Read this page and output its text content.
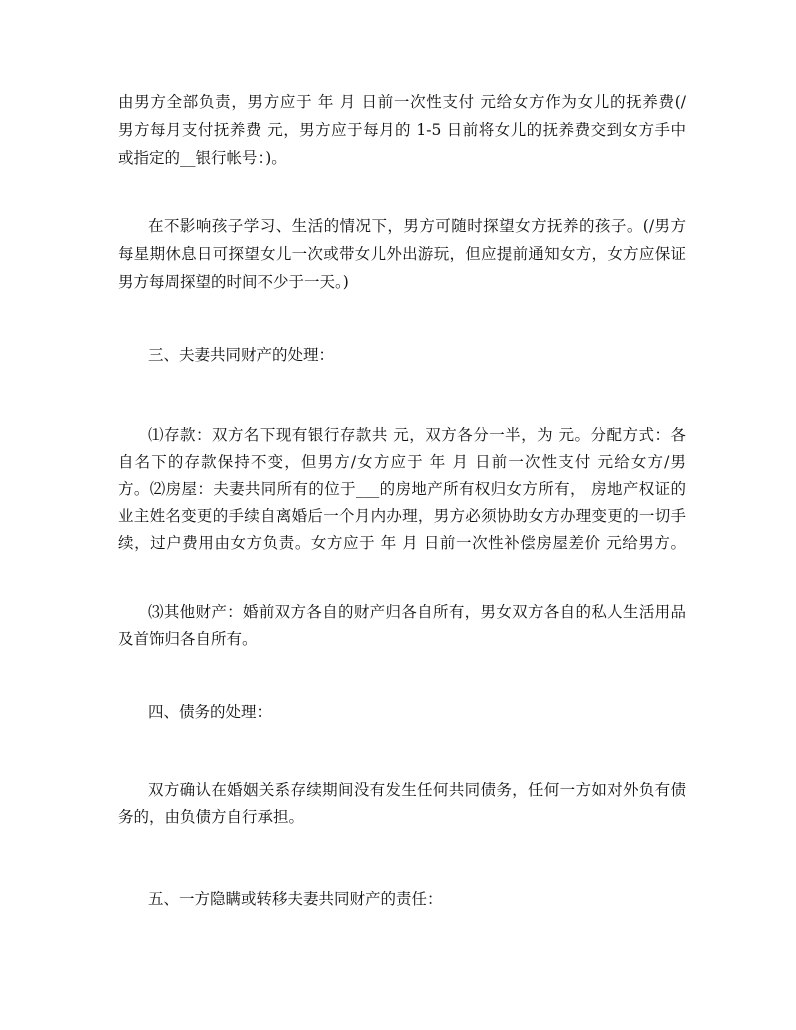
由男方全部负责，男方应于 年 月 日前一次性支付 元给女方作为女儿的抚养费(/
男方每月支付抚养费 元，男方应于每月的 1-5 日前将女儿的抚养费交到女方手中
或指定的__银行帐号：)。
在不影响孩子学习、生活的情况下，男方可随时探望女方抚养的孩子。(/男方
每星期休息日可探望女儿一次或带女儿外出游玩，但应提前通知女方，女方应保证
男方每周探望的时间不少于一天。)
三、夫妻共同财产的处理：
⑴存款：双方名下现有银行存款共 元，双方各分一半，为 元。分配方式：各
自名下的存款保持不变，但男方/女方应于 年 月 日前一次性支付 元给女方/男
方。⑵房屋：夫妻共同所有的位于___的房地产所有权归女方所有， 房地产权证的
业主姓名变更的手续自离婚后一个月内办理，男方必须协助女方办理变更的一切手
续，过户费用由女方负责。女方应于 年 月 日前一次性补偿房屋差价 元给男方。
⑶其他财产：婚前双方各自的财产归各自所有，男女双方各自的私人生活用品
及首饰归各自所有。
四、债务的处理：
双方确认在婚姻关系存续期间没有发生任何共同债务，任何一方如对外负有债
务的，由负债方自行承担。
五、一方隐瞒或转移夫妻共同财产的责任：
